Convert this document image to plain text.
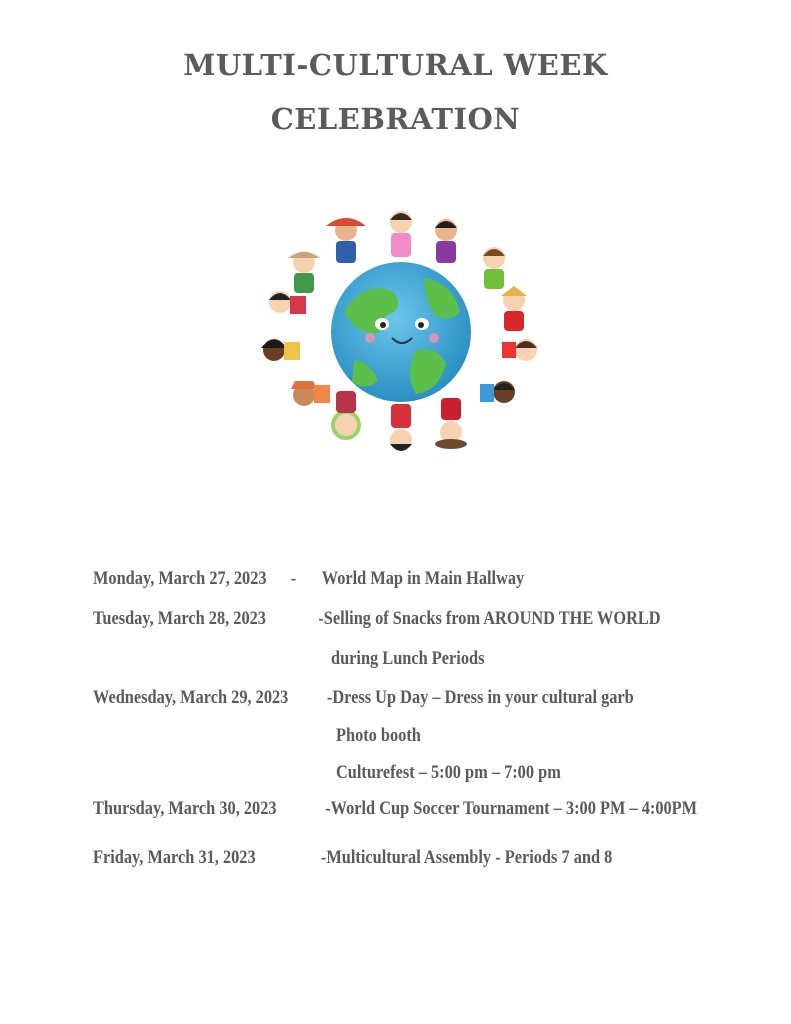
MULTI-CULTURAL WEEK
CELEBRATION
Monday, March 27, 2023 - World Map in Main Hallway
Tuesday, March 28, 2023	-Selling of Snacks from AROUND THE WORLD
during Lunch Periods
Wednesday, March 29, 2023 -Dress Up Day – Dress in your cultural garb
Photo booth
Culturefest – 5:00 pm – 7:00 pm
Thursday, March 30, 2023	-World Cup Soccer Tournament – 3:00 PM – 4:00PM
Friday, March 31, 2023	-Multicultural Assembly - Periods 7 and 8
